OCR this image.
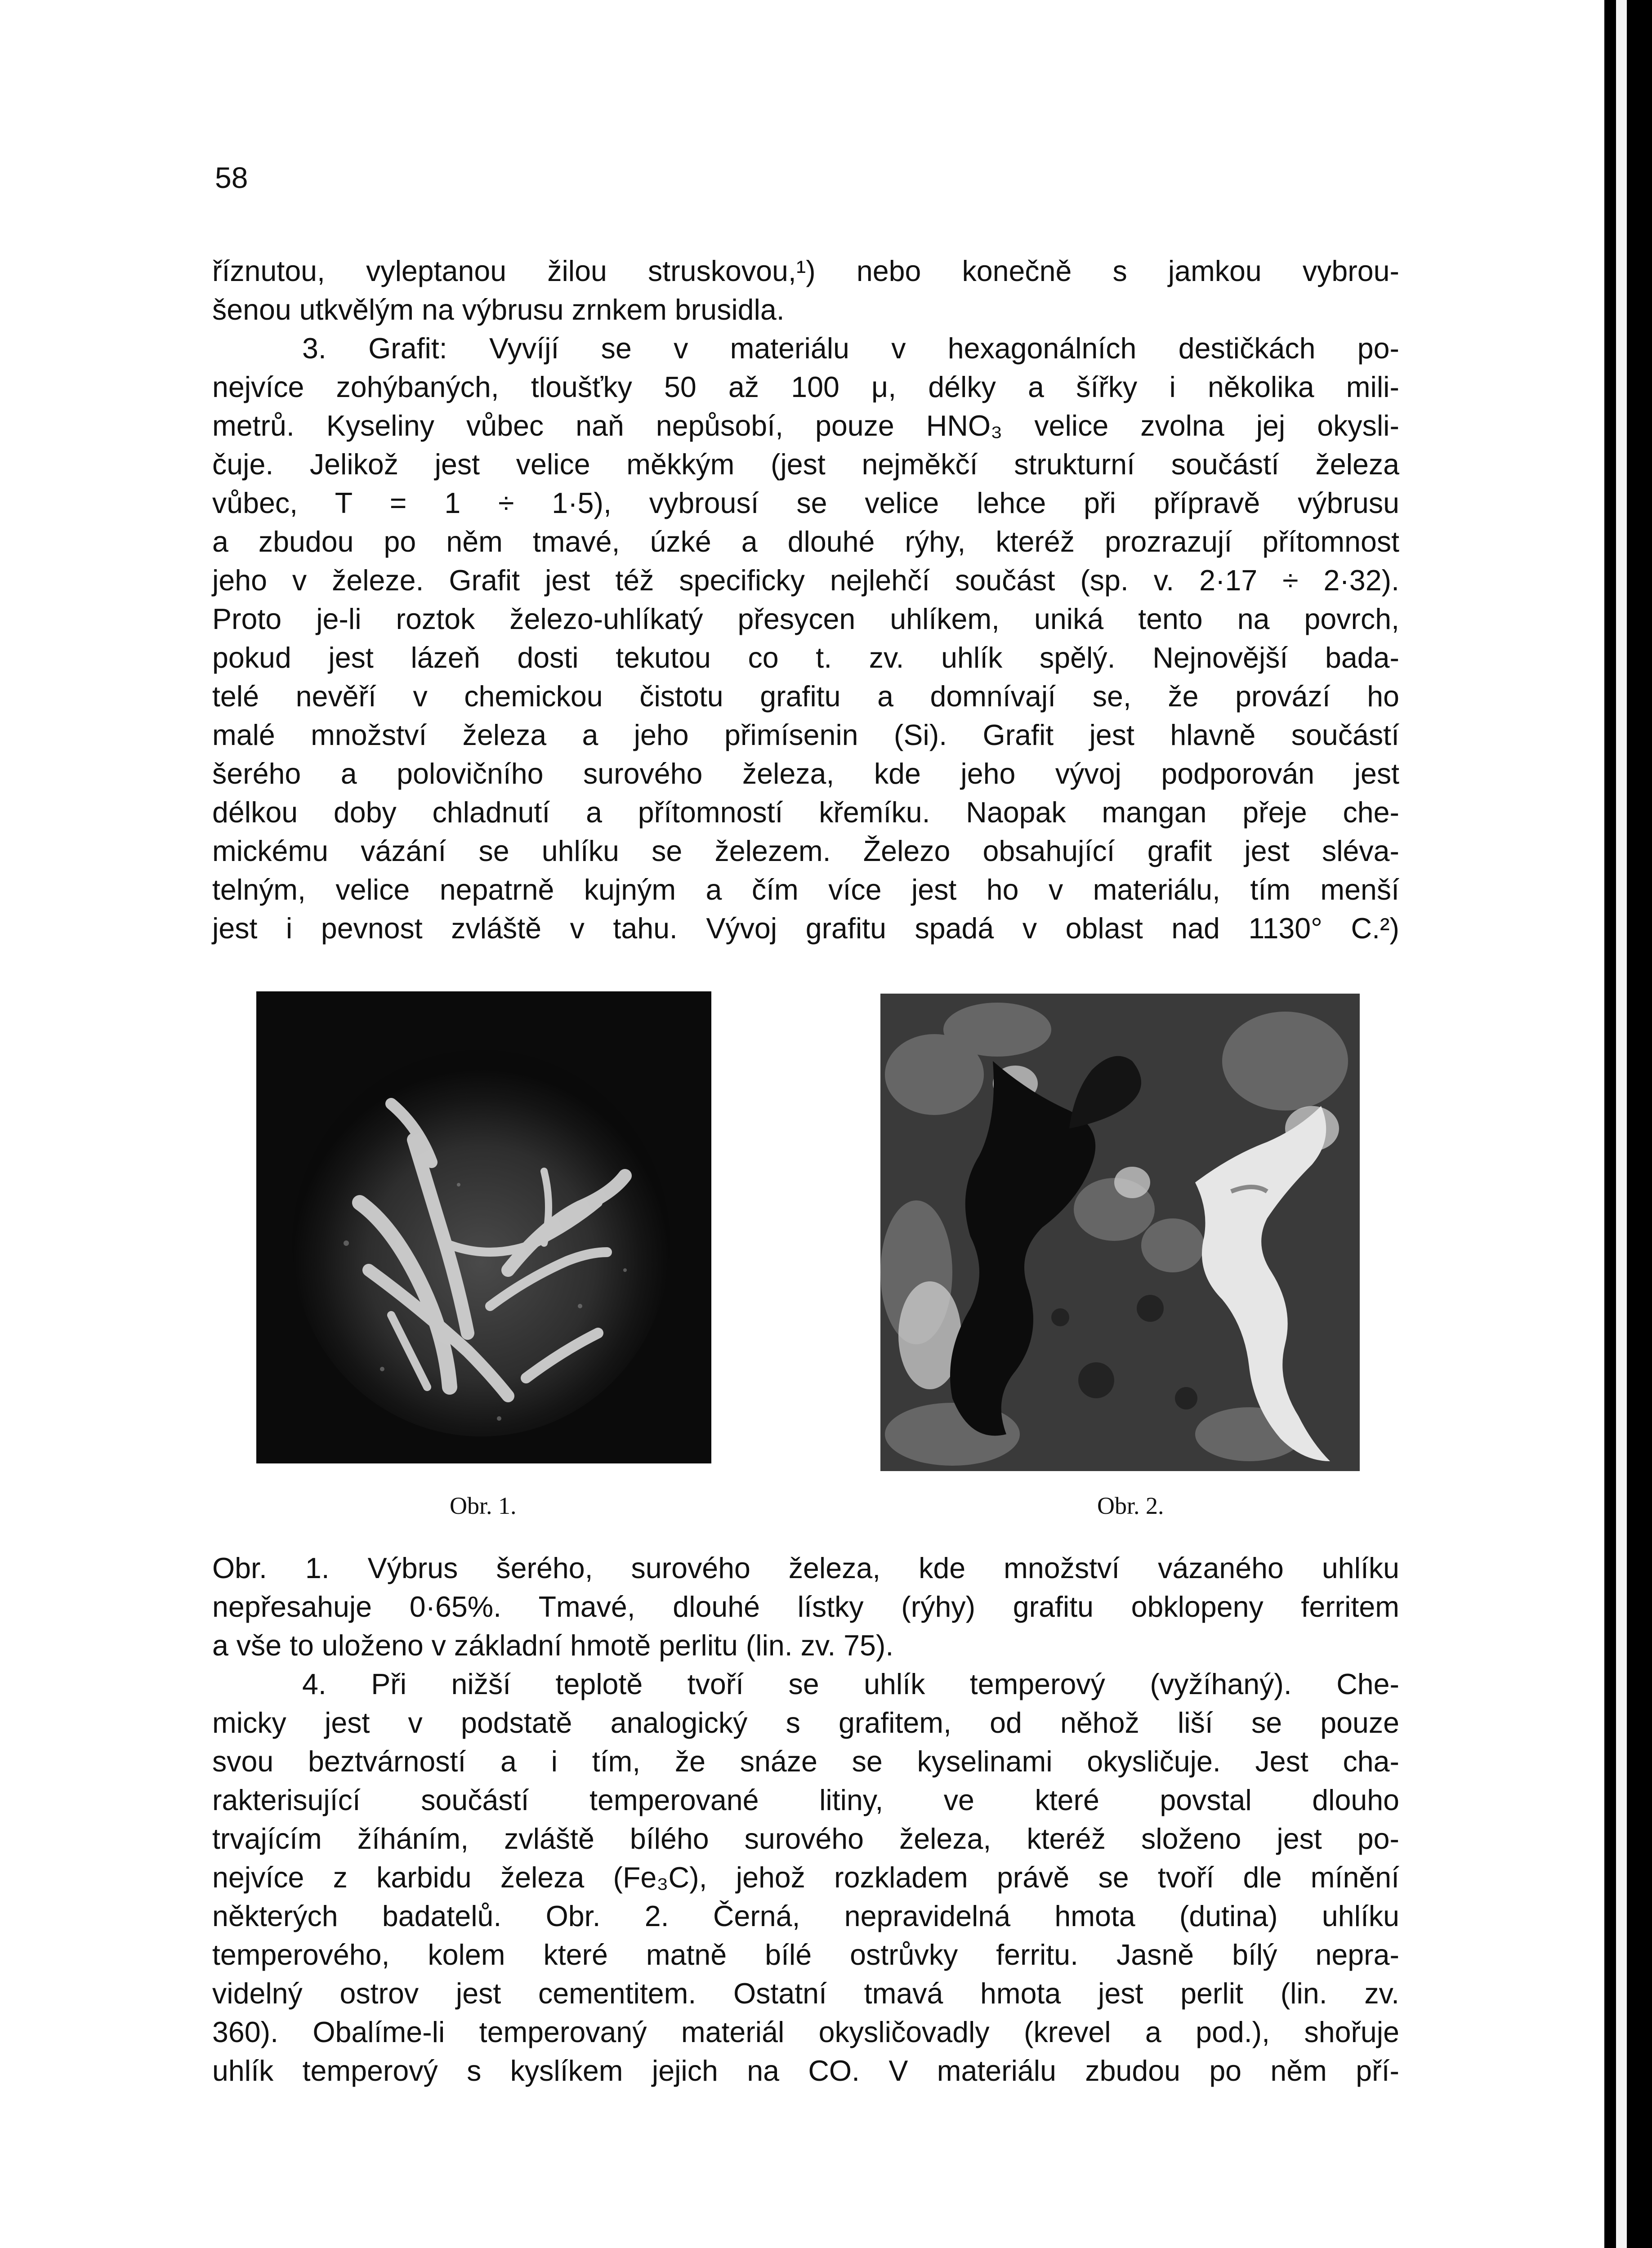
58
říznutou, vyleptanou žilou struskovou,¹) nebo konečně s jamkou vybrou-
šenou utkvělým na výbrusu zrnkem brusidla.
3. Grafit: Vyvíjí se v materiálu v hexagonálních destičkách po-
nejvíce zohýbaných, tloušťky 50 až 100 μ, délky a šířky i několika mili-
metrů. Kyseliny vůbec naň nepůsobí, pouze HNO₃ velice zvolna jej okysli-
čuje. Jelikož jest velice měkkým (jest nejměkčí strukturní součástí železa
vůbec, T = 1 ÷ 1·5), vybrousí se velice lehce při přípravě výbrusu
a zbudou po něm tmavé, úzké a dlouhé rýhy, kteréž prozrazují přítomnost
jeho v železe. Grafit jest též specificky nejlehčí součást (sp. v. 2·17 ÷ 2·32).
Proto je-li roztok železo-uhlíkatý přesycen uhlíkem, uniká tento na povrch,
pokud jest lázeň dosti tekutou co t. zv. uhlík spělý. Nejnovější bada-
telé nevěří v chemickou čistotu grafitu a domnívají se, že provází ho
malé množství železa a jeho přimísenin (Si). Grafit jest hlavně součástí
šerého a polovičního surového železa, kde jeho vývoj podporován jest
délkou doby chladnutí a přítomností křemíku. Naopak mangan přeje che-
mickému vázání se uhlíku se železem. Železo obsahující grafit jest sléva-
telným, velice nepatrně kujným a čím více jest ho v materiálu, tím menší
jest i pevnost zvláště v tahu. Vývoj grafitu spadá v oblast nad 1130° C.²)
Obr. 1.	Obr. 2.
Obr. 1. Výbrus šerého, surového železa, kde množství vázaného uhlíku
nepřesahuje 0·65%. Tmavé, dlouhé lístky (rýhy) grafitu obklopeny ferritem
a vše to uloženo v základní hmotě perlitu (lin. zv. 75).
4. Při nižší teplotě tvoří se uhlík temperový (vyžíhaný). Che-
micky jest v podstatě analogický s grafitem, od něhož liší se pouze
svou beztvárností a i tím, že snáze se kyselinami okysličuje. Jest cha-
rakterisující součástí temperované litiny, ve které povstal dlouho
trvajícím žíháním, zvláště bílého surového železa, kteréž složeno jest po-
nejvíce z karbidu železa (Fe₃C), jehož rozkladem právě se tvoří dle mínění
některých badatelů. Obr. 2. Černá, nepravidelná hmota (dutina) uhlíku
temperového, kolem které matně bílé ostrůvky ferritu. Jasně bílý nepra-
videlný ostrov jest cementitem. Ostatní tmavá hmota jest perlit (lin. zv.
360). Obalíme-li temperovaný materiál okysličovadly (krevel a pod.), shořuje
uhlík temperový s kyslíkem jejich na CO. V materiálu zbudou po něm pří-
